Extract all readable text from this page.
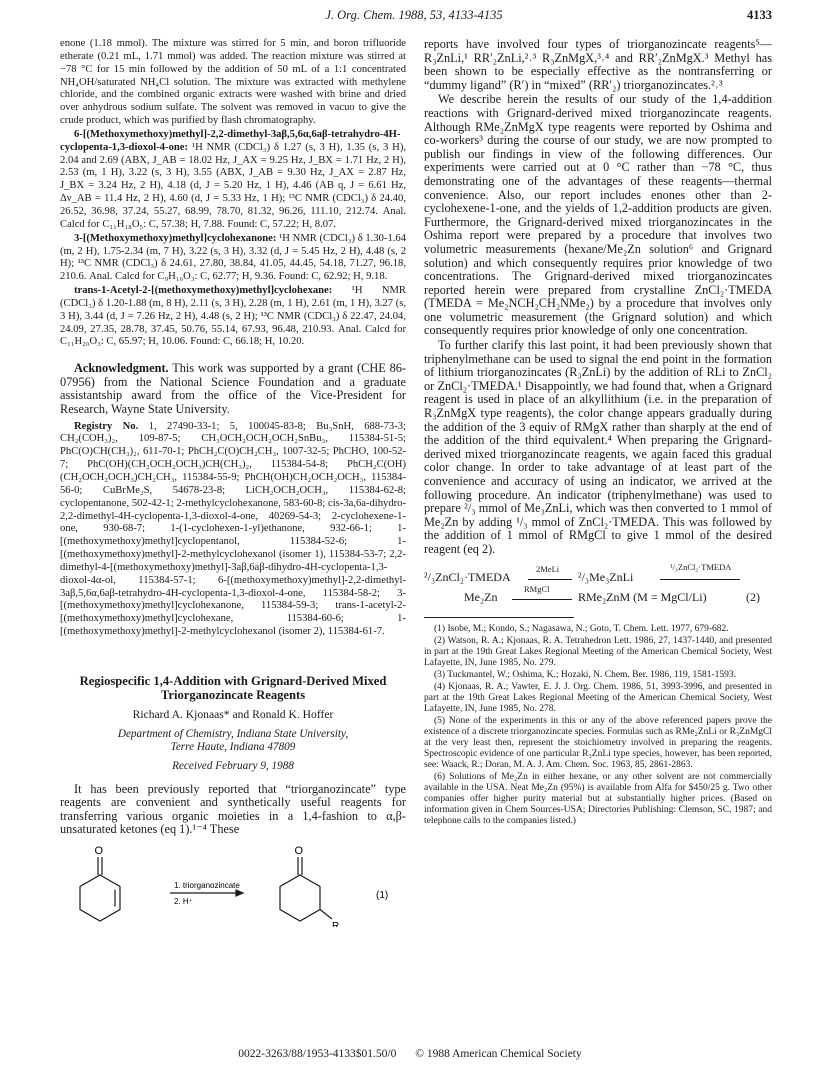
J. Org. Chem. 1988, 53, 4133-4135	4133

enone (1.18 mmol). The mixture was stirred for 5 min, and boron trifluoride etherate (0.21 mL, 1.71 mmol) was added. The reaction mixture was stirred at −78 °C for 15 min followed by the addition of 50 mL of a 1:1 concentrated NH₄OH/saturated NH₄Cl solution. The mixture was extracted with methylene chloride, and the combined organic extracts were washed with brine and dried over anhydrous sodium sulfate. The solvent was removed in vacuo to give the crude product, which was purified by flash chromatography.

6-[(Methoxymethoxy)methyl]-2,2-dimethyl-3aβ,5,6α,6aβ-tetrahydro-4H-cyclopenta-1,3-dioxol-4-one: ¹H NMR (CDCl₃) δ 1.27 (s, 3 H), 1.35 (s, 3 H), 2.04 and 2.69 (ABX, J_AB = 18.02 Hz, J_AX = 9.25 Hz, J_BX = 1.71 Hz, 2 H), 2.53 (m, 1 H), 3.22 (s, 3 H), 3.55 (ABX, J_AB = 9.30 Hz, J_AX = 2.87 Hz, J_BX = 3.24 Hz, 2 H), 4.18 (d, J = 5.20 Hz, 1 H), 4.46 (AB q, J = 6.61 Hz, Δν_AB = 11.4 Hz, 2 H), 4.60 (d, J = 5.33 Hz, 1 H); ¹³C NMR (CDCl₃) δ 24.40, 26.52, 36.98, 37.24, 55.27, 68.99, 78.70, 81.32, 96.26, 111.10, 212.74. Anal. Calcd for C₁₁H₁₈O₅: C, 57.38; H, 7.88. Found: C, 57.22; H, 8.07.

3-[(Methoxymethoxy)methyl]cyclohexanone: ¹H NMR (CDCl₃) δ 1.30-1.64 (m, 2 H), 1.75-2.34 (m, 7 H), 3.22 (s, 3 H), 3.32 (d, J = 5.45 Hz, 2 H), 4.48 (s, 2 H); ¹³C NMR (CDCl₃) δ 24.61, 27.80, 38.84, 41.05, 44.45, 54.18, 71.27, 96.18, 210.6. Anal. Calcd for C₉H₁₆O₃: C, 62.77; H, 9.36. Found: C, 62.92; H, 9.18.

trans-1-Acetyl-2-[(methoxymethoxy)methyl]cyclohexane: ¹H NMR (CDCl₃) δ 1.20-1.88 (m, 8 H), 2.11 (s, 3 H), 2.28 (m, 1 H), 2.61 (m, 1 H), 3.27 (s, 3 H), 3.44 (d, J = 7.26 Hz, 2 H), 4.48 (s, 2 H); ¹³C NMR (CDCl₃) δ 22.47, 24.04, 24.09, 27.35, 28.78, 37.45, 50.76, 55.14, 67.93, 96.48, 210.93. Anal. Calcd for C₁₁H₂₀O₃: C, 65.97; H, 10.06. Found: C, 66.18; H, 10.20.

Acknowledgment. This work was supported by a grant (CHE 86-07956) from the National Science Foundation and a graduate assistantship award from the office of the Vice-President for Research, Wayne State University.

Registry No. 1, 27490-33-1; 5, 100045-83-8; Bu₃SnH, 688-73-3; CH₂(COH₃)₂, 109-87-5; CH₃OCH₂OCH₂OCH₂SnBu₃, 115384-51-5; PhC(O)CH(CH₃)₂, 611-70-1; PhCH₂C(O)CH₂CH₃, 1007-32-5; PhCHO, 100-52-7; PhC(OH)(CH₂OCH₂OCH₃)CH(CH₃)₂, 115384-54-8; PhCH₂C(OH)(CH₂OCH₂OCH₃)CH₂CH₃, 115384-55-9; PhCH(OH)CH₂OCH₂OCH₃, 115384-56-0; CuBrMe₂S, 54678-23-8; LiCH₂OCH₂OCH₃, 115384-62-8; cyclopentanone, 502-42-1; 2-methylcyclohexanone, 583-60-8; cis-3a,6a-dihydro-2,2-dimethyl-4H-cyclopenta-1,3-dioxol-4-one, 40269-54-3; 2-cyclohexene-1-one, 930-68-7; 1-(1-cyclohexen-1-yl)ethanone, 932-66-1; 1-[(methoxymethoxy)methyl]cyclopentanol, 115384-52-6; 1-[(methoxymethoxy)methyl]-2-methylcyclohexanol (isomer 1), 115384-53-7; 2,2-dimethyl-4-[(methoxymethoxy)methyl]-3aβ,6aβ-dihydro-4H-cyclopenta-1,3-dioxol-4α-ol, 115384-57-1; 6-[(methoxymethoxy)methyl]-2,2-dimethyl-3aβ,5,6α,6aβ-tetrahydro-4H-cyclopenta-1,3-dioxol-4-one, 115384-58-2; 3-[(methoxymethoxy)methyl]cyclohexanone, 115384-59-3; trans-1-acetyl-2-[(methoxymethoxy)methyl]cyclohexane, 115384-60-6; 1-[(methoxymethoxy)methyl]-2-methylcyclohexanol (isomer 2), 115384-61-7.

Regiospecific 1,4-Addition with Grignard-Derived Mixed Triorganozincate Reagents

Richard A. Kjonaas* and Ronald K. Hoffer
Department of Chemistry, Indiana State University,
Terre Haute, Indiana 47809
Received February 9, 1988

It has been previously reported that “triorganozincate” type reagents are convenient and synthetically useful reagents for transferring various organic moieties in a 1,4-fashion to α,β-unsaturated ketones (eq 1).¹⁻⁴ These

O	O
1. triorganozincate
2. H⁺
R
(1)

reports have involved four types of triorganozincate reagents⁵—R₃ZnLi,¹ RR′₂ZnLi,²˒³ R₃ZnMgX,³˒⁴ and RR′₂ZnMgX.³ Methyl has been shown to be especially effective as the nontransferring or “dummy ligand” (R′) in “mixed” (RR′₂) triorganozincates.²˒³

We describe herein the results of our study of the 1,4-addition reactions with Grignard-derived mixed triorganozincate reagents. Although RMe₂ZnMgX type reagents were reported by Oshima and co-workers³ during the course of our study, we are now prompted to publish our findings in view of the following differences. Our experiments were carried out at 0 °C rather than −78 °C, thus demonstrating one of the advantages of these reagents—thermal convenience. Also, our report includes enones other than 2-cyclohexene-1-one, and the yields of 1,2-addition products are given. Furthermore, the Grignard-derived mixed triorganozincates in the Oshima report were prepared by a procedure that involves two volumetric measurements (hexane/Me₂Zn solution⁶ and Grignard solution) and which consequently requires prior knowledge of two concentrations. The Grignard-derived mixed triorganozincates reported herein were prepared from crystalline ZnCl₂·TMEDA (TMEDA = Me₂NCH₂CH₂NMe₂) by a procedure that involves only one volumetric measurement (the Grignard solution) and which consequently requires prior knowledge of only one concentration.

To further clarify this last point, it had been previously shown that triphenylmethane can be used to signal the end point in the formation of lithium triorganozincates (R₃ZnLi) by the addition of RLi to ZnCl₂ or ZnCl₂·TMEDA.¹ Disappointly, we had found that, when a Grignard reagent is used in place of an alkyllithium (i.e. in the preparation of R₃ZnMgX type reagents), the color change appears gradually during the addition of the 3 equiv of RMgX rather than sharply at the end of the addition of the third equivalent.⁴ When preparing the Grignard-derived mixed triorganozincate reagents, we again faced this gradual color change. In order to take advantage of at least part of the convenience and accuracy of using an indicator, we arrived at the following procedure. An indicator (triphenylmethane) was used to prepare ²/₃ mmol of Me₃ZnLi, which was then converted to 1 mmol of Me₂Zn by adding ¹/₃ mmol of ZnCl₂·TMEDA. This was followed by the addition of 1 mmol of RMgCl to give 1 mmol of the desired reagent (eq 2).

²/₃ZnCl₂·TMEDA
2MeLi
²/₃Me₃ZnLi
¹/₃ZnCl₂·TMEDA
Me₂Zn
RMgCl
RMe₂ZnM (M = MgCl/Li)	(2)

(1) Isobe, M.; Kondo, S.; Nagasawa, N.; Goto, T. Chem. Lett. 1977, 679-682.

(2) Watson, R. A.; Kjonaas, R. A. Tetrahedron Lett. 1986, 27, 1437-1440, and presented in part at the 19th Great Lakes Regional Meeting of the American Chemical Society, West Lafayette, IN, June 1985, No. 279.

(3) Tuckmantel, W.; Oshima, K.; Hozaki, N. Chem. Ber. 1986, 119, 1581-1593.

(4) Kjonaas, R. A.; Vawter, E. J. J. Org. Chem. 1986, 51, 3993-3996, and presented in part at the 19th Great Lakes Regional Meeting of the American Chemical Society, West Lafayette, IN, June 1985, No. 278.

(5) None of the experiments in this or any of the above referenced papers prove the existence of a discrete triorganozincate species. Formulas such as RMe₂ZnLi or R₃ZnMgCl at the very least then, represent the stoichiometry involved in preparing the reagents. Spectroscopic evidence of one particular R₃ZnLi type species, however, has been reported, see: Waack, R.; Doran, M. A. J. Am. Chem. Soc. 1963, 85, 2861-2863.

(6) Solutions of Me₂Zn in either hexane, or any other solvent are not commercially available in the USA. Neat Me₂Zn (95%) is available from Alfa for $450/25 g. Two other companies offer higher purity material but at substantially higher prices. (Based on information given in Chem Sources-USA; Directories Publishing: Clemson, SC, 1987; and telephone calls to the companies listed.)

0022-3263/88/1953-4133$01.50/0 © 1988 American Chemical Society
